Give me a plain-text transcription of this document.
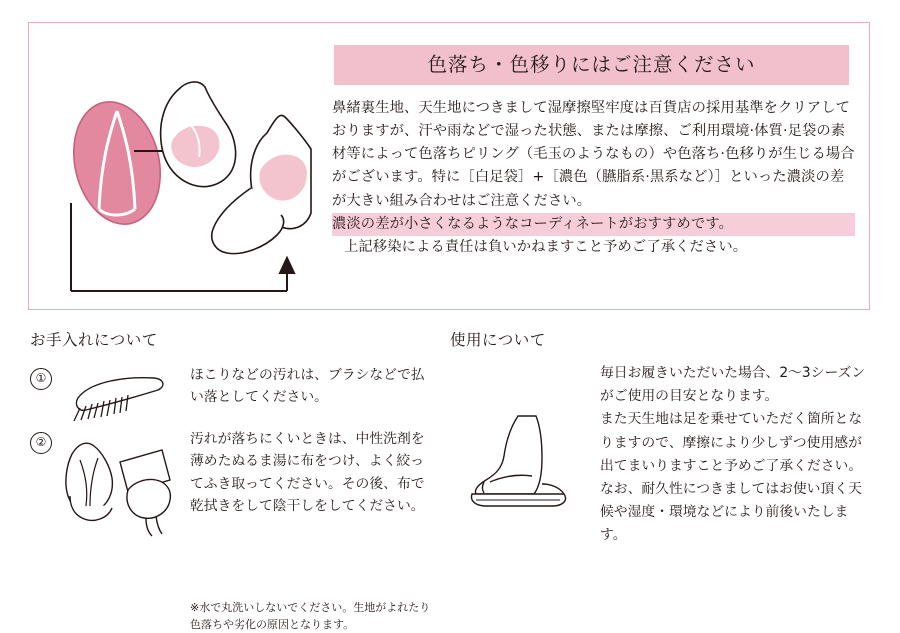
色落ち・色移りにはご注意ください

鼻緒裏生地、天生地につきまして湿摩擦堅牢度は百貨店の採用基準をクリアしておりますが、汗や雨などで湿った状態、または摩擦、ご利用環境·体質·足袋の素材等によって色落ちピリング（毛玉のようなもの）や色落ち·色移りが生じる場合がございます。特に［白足袋］+［濃色（臙脂系·黒系など）］といった濃淡の差が大きい組み合わせはご注意ください。

濃淡の差が小さくなるようなコーディネートがおすすめです。

上記移染による責任は負いかねますこと予めご了承ください。

お手入れについて
①	ほこりなどの汚れは、ブラシなどで払い落としてください。
②	汚れが落ちにくいときは、中性洗剤を薄めたぬるま湯に布をつけ、よく絞ってふき取ってください。その後、布で乾拭きをして陰干しをしてください。
※水で丸洗いしないでください。生地がよれたり色落ちや劣化の原因となります。
使用について

毎日お履きいただいた場合、2～3シーズンがご使用の目安となります。

また天生地は足を乗せていただく箇所となりますので、摩擦により少しずつ使用感が出てまいりますこと予めご了承ください。

なお、耐久性につきましてはお使い頂く天候や湿度・環境などにより前後いたします。
